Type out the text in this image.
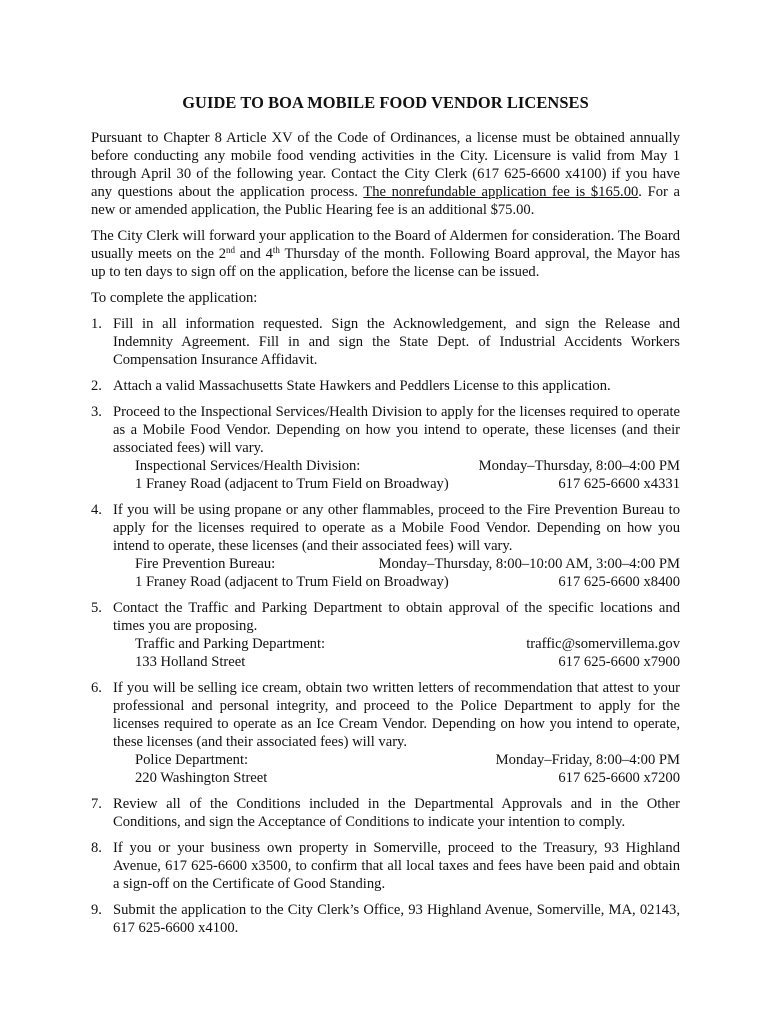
GUIDE TO BOA MOBILE FOOD VENDOR LICENSES

Pursuant to Chapter 8 Article XV of the Code of Ordinances, a license must be obtained annually before conducting any mobile food vending activities in the City. Licensure is valid from May 1 through April 30 of the following year. Contact the City Clerk (617 625-6600 x4100) if you have any questions about the application process. The nonrefundable application fee is $165.00. For a new or amended application, the Public Hearing fee is an additional $75.00.

The City Clerk will forward your application to the Board of Aldermen for consideration. The Board usually meets on the 2nd and 4th Thursday of the month. Following Board approval, the Mayor has up to ten days to sign off on the application, before the license can be issued.

To complete the application:

1. Fill in all information requested. Sign the Acknowledgement, and sign the Release and Indemnity Agreement. Fill in and sign the State Dept. of Industrial Accidents Workers Compensation Insurance Affidavit.
2. Attach a valid Massachusetts State Hawkers and Peddlers License to this application.
3. Proceed to the Inspectional Services/Health Division to apply for the licenses required to operate as a Mobile Food Vendor. Depending on how you intend to operate, these licenses (and their associated fees) will vary.
Inspectional Services/Health Division:	Monday–Thursday, 8:00–4:00 PM
1 Franey Road (adjacent to Trum Field on Broadway)	617 625-6600 x4331
4. If you will be using propane or any other flammables, proceed to the Fire Prevention Bureau to apply for the licenses required to operate as a Mobile Food Vendor. Depending on how you intend to operate, these licenses (and their associated fees) will vary.
Fire Prevention Bureau:	Monday–Thursday, 8:00–10:00 AM, 3:00–4:00 PM
1 Franey Road (adjacent to Trum Field on Broadway)	617 625-6600 x8400
5. Contact the Traffic and Parking Department to obtain approval of the specific locations and times you are proposing.
Traffic and Parking Department:	traffic@somervillema.gov
133 Holland Street	617 625-6600 x7900
6. If you will be selling ice cream, obtain two written letters of recommendation that attest to your professional and personal integrity, and proceed to the Police Department to apply for the licenses required to operate as an Ice Cream Vendor. Depending on how you intend to operate, these licenses (and their associated fees) will vary.
Police Department:	Monday–Friday, 8:00–4:00 PM
220 Washington Street	617 625-6600 x7200
7. Review all of the Conditions included in the Departmental Approvals and in the Other Conditions, and sign the Acceptance of Conditions to indicate your intention to comply.
8. If you or your business own property in Somerville, proceed to the Treasury, 93 Highland Avenue, 617 625-6600 x3500, to confirm that all local taxes and fees have been paid and obtain a sign-off on the Certificate of Good Standing.
9. Submit the application to the City Clerk’s Office, 93 Highland Avenue, Somerville, MA, 02143, 617 625-6600 x4100.
